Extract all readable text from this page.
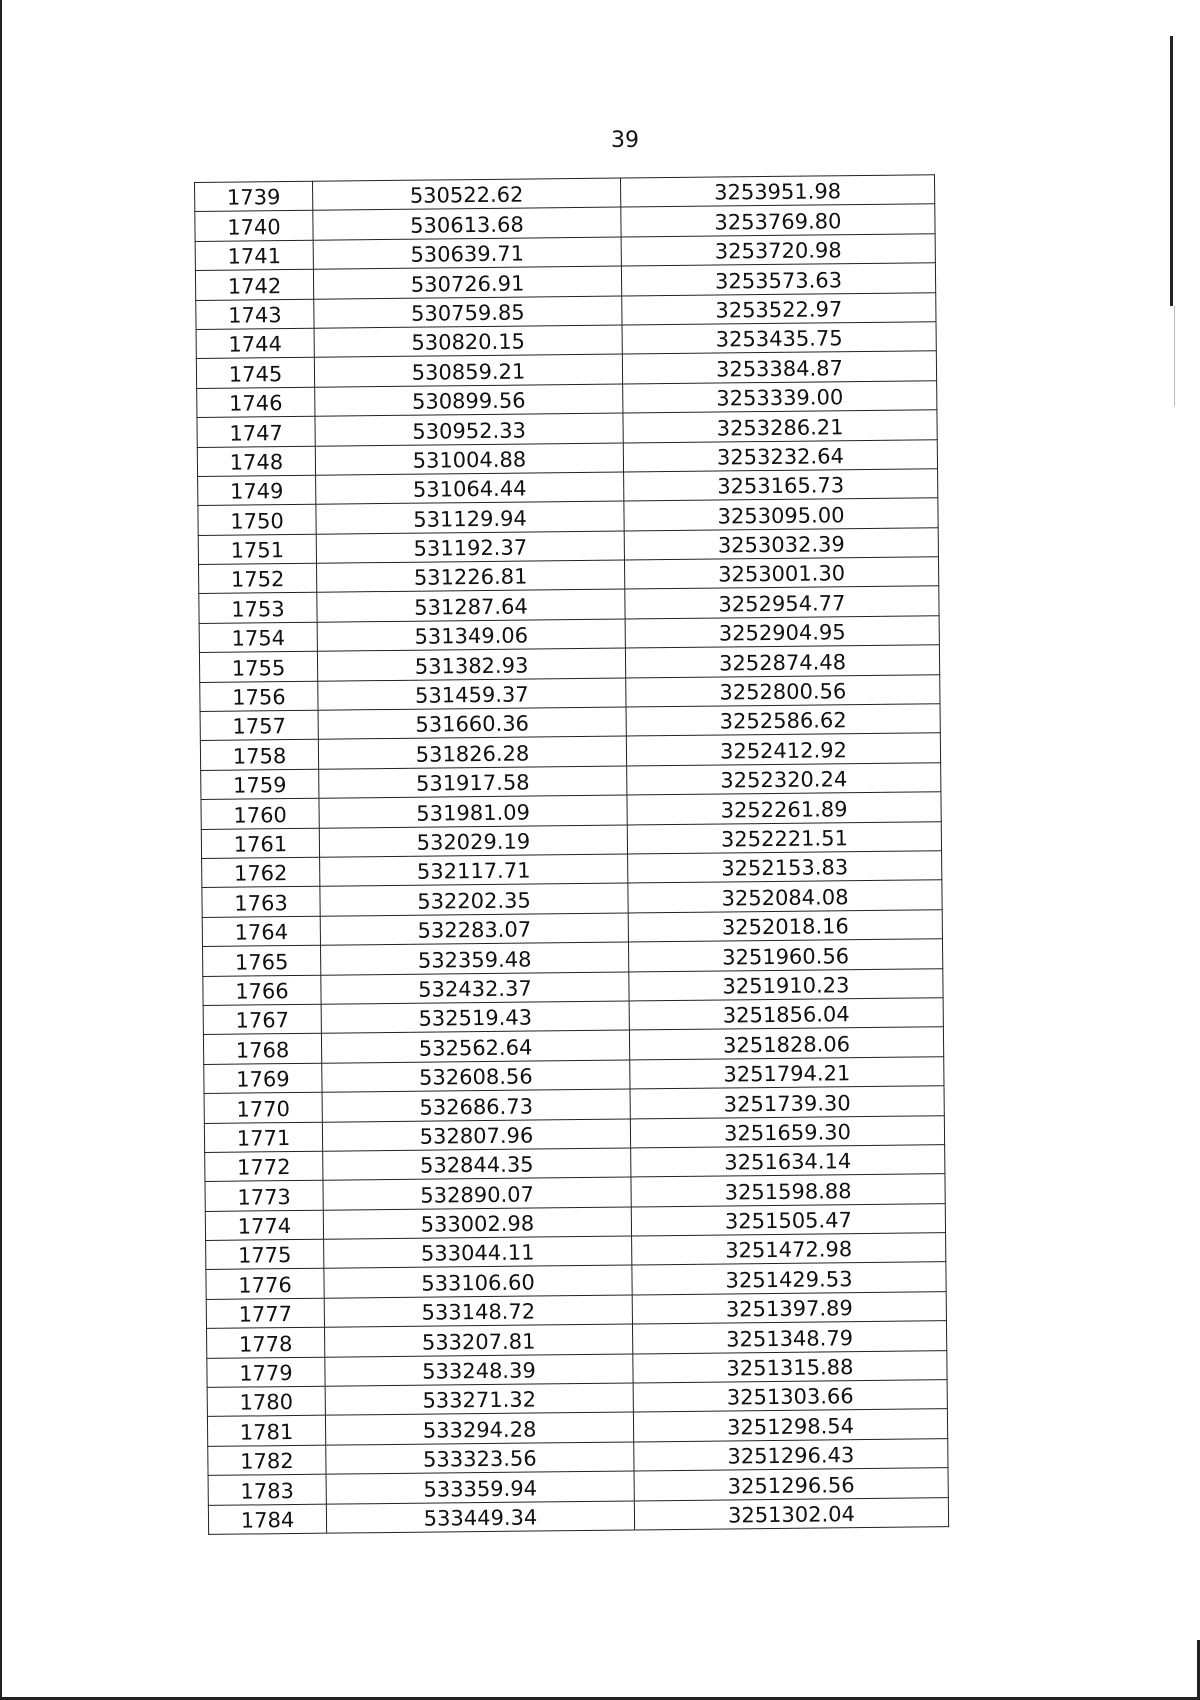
39
1739	530522.62	3253951.98
1740	530613.68	3253769.80
1741	530639.71	3253720.98
1742	530726.91	3253573.63
1743	530759.85	3253522.97
1744	530820.15	3253435.75
1745	530859.21	3253384.87
1746	530899.56	3253339.00
1747	530952.33	3253286.21
1748	531004.88	3253232.64
1749	531064.44	3253165.73
1750	531129.94	3253095.00
1751	531192.37	3253032.39
1752	531226.81	3253001.30
1753	531287.64	3252954.77
1754	531349.06	3252904.95
1755	531382.93	3252874.48
1756	531459.37	3252800.56
1757	531660.36	3252586.62
1758	531826.28	3252412.92
1759	531917.58	3252320.24
1760	531981.09	3252261.89
1761	532029.19	3252221.51
1762	532117.71	3252153.83
1763	532202.35	3252084.08
1764	532283.07	3252018.16
1765	532359.48	3251960.56
1766	532432.37	3251910.23
1767	532519.43	3251856.04
1768	532562.64	3251828.06
1769	532608.56	3251794.21
1770	532686.73	3251739.30
1771	532807.96	3251659.30
1772	532844.35	3251634.14
1773	532890.07	3251598.88
1774	533002.98	3251505.47
1775	533044.11	3251472.98
1776	533106.60	3251429.53
1777	533148.72	3251397.89
1778	533207.81	3251348.79
1779	533248.39	3251315.88
1780	533271.32	3251303.66
1781	533294.28	3251298.54
1782	533323.56	3251296.43
1783	533359.94	3251296.56
1784	533449.34	3251302.04
